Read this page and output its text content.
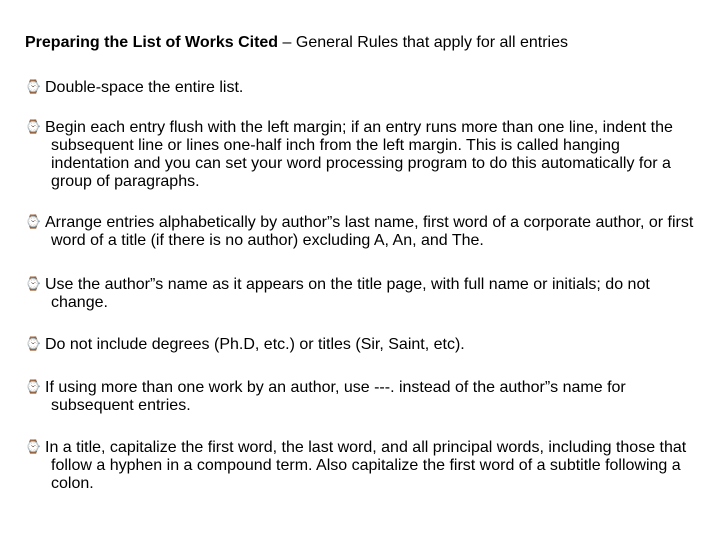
Preparing the List of Works Cited – General Rules that apply for all entries
⌚ Double-space the entire list.
⌚ Begin each entry flush with the left margin; if an entry runs more than one line, indent the subsequent line or lines one-half inch from the left margin. This is called hanging indentation and you can set your word processing program to do this automatically for a group of paragraphs.
⌚ Arrange entries alphabetically by author”s last name, first word of a corporate author, or first word of a title (if there is no author) excluding A, An, and The.
⌚ Use the author”s name as it appears on the title page, with full name or initials; do not change.
⌚ Do not include degrees (Ph.D, etc.) or titles (Sir, Saint, etc).
⌚ If using more than one work by an author, use ---. instead of the author”s name for subsequent entries.
⌚ In a title, capitalize the first word, the last word, and all principal words, including those that follow a hyphen in a compound term. Also capitalize the first word of a subtitle following a colon.
